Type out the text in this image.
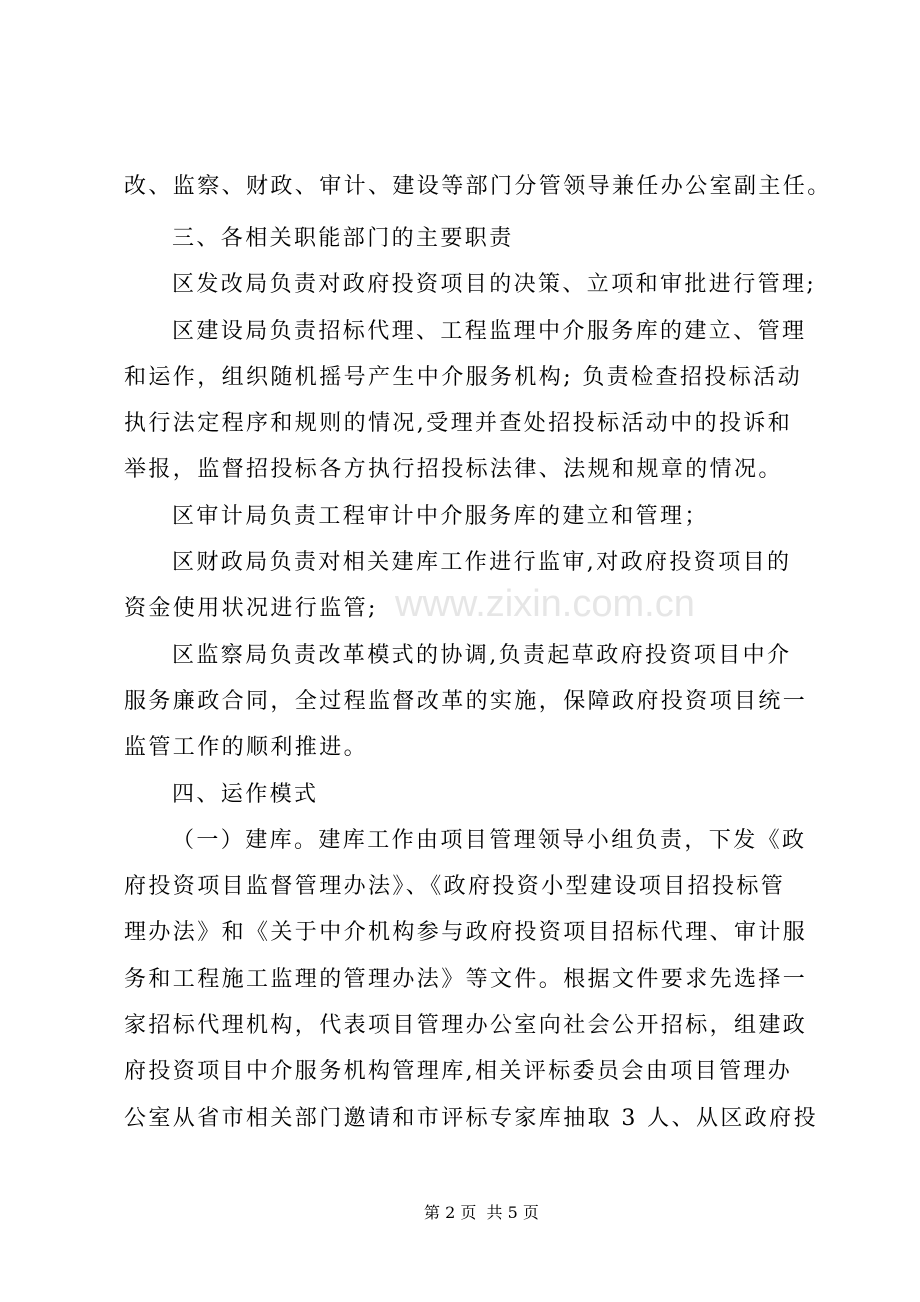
www.zixin.com.cn
改、监察、财政、审计、建设等部门分管领导兼任办公室副主任。
三、各相关职能部门的主要职责
区发改局负责对政府投资项目的决策、立项和审批进行管理;
区建设局负责招标代理、工程监理中介服务库的建立、管理
和运作，组织随机摇号产生中介服务机构; 负责检查招投标活动
执行法定程序和规则的情况,受理并查处招投标活动中的投诉和
举报，监督招投标各方执行招投标法律、法规和规章的情况。
区审计局负责工程审计中介服务库的建立和管理；
区财政局负责对相关建库工作进行监审,对政府投资项目的
资金使用状况进行监管;
区监察局负责改革模式的协调,负责起草政府投资项目中介
服务廉政合同，全过程监督改革的实施，保障政府投资项目统一
监管工作的顺利推进。
四、运作模式
（一）建库。建库工作由项目管理领导小组负责，下发《政
府投资项目监督管理办法》、《政府投资小型建设项目招投标管
理办法》和《关于中介机构参与政府投资项目招标代理、审计服
务和工程施工监理的管理办法》等文件。根据文件要求先选择一
家招标代理机构，代表项目管理办公室向社会公开招标，组建政
府投资项目中介服务机构管理库,相关评标委员会由项目管理办
公室从省市相关部门邀请和市评标专家库抽取 3 人、从区政府投
第 2 页  共 5 页
